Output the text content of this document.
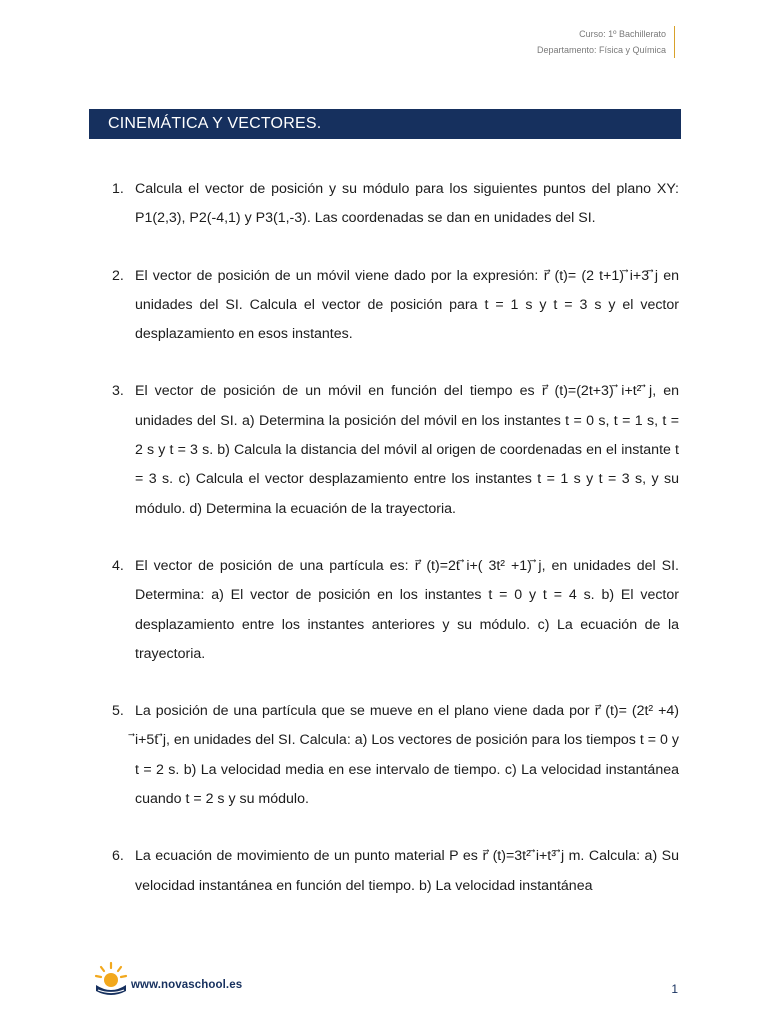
Curso: 1º Bachillerato
Departamento: Física y Química
CINEMÁTICA Y VECTORES.
1. Calcula el vector de posición y su módulo para los siguientes puntos del plano XY: P1(2,3), P2(-4,1) y P3(1,-3). Las coordenadas se dan en unidades del SI.
2. El vector de posición de un móvil viene dado por la expresión: r⃗ (t)= (2 t+1) ⃗i+3 ⃗j en unidades del SI. Calcula el vector de posición para t = 1 s y t = 3 s y el vector desplazamiento en esos instantes.
3. El vector de posición de un móvil en función del tiempo es r⃗ (t)=(2t+3) ⃗i+t² ⃗j, en unidades del SI. a) Determina la posición del móvil en los instantes t = 0 s, t = 1 s, t = 2 s y t = 3 s. b) Calcula la distancia del móvil al origen de coordenadas en el instante t = 3 s. c) Calcula el vector desplazamiento entre los instantes t = 1 s y t = 3 s, y su módulo. d) Determina la ecuación de la trayectoria.
4. El vector de posición de una partícula es: r⃗ (t)=2t ⃗i+( 3t² +1) ⃗j, en unidades del SI. Determina: a) El vector de posición en los instantes t = 0 y t = 4 s. b) El vector desplazamiento entre los instantes anteriores y su módulo. c) La ecuación de la trayectoria.
5. La posición de una partícula que se mueve en el plano viene dada por r⃗ (t)= (2t² +4) ⃗i+5t ⃗j, en unidades del SI. Calcula: a) Los vectores de posición para los tiempos t = 0 y t = 2 s. b) La velocidad media en ese intervalo de tiempo. c) La velocidad instantánea cuando t = 2 s y su módulo.
6. La ecuación de movimiento de un punto material P es r⃗ (t)=3t² ⃗i+t³ ⃗j m. Calcula: a) Su velocidad instantánea en función del tiempo. b) La velocidad instantánea
www.novaschool.es	1
